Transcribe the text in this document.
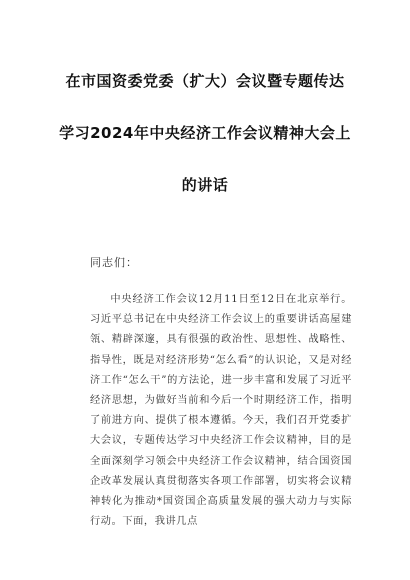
在市国资委党委（扩大）会议暨专题传达
学习2024年中央经济工作会议精神大会上
的讲话
同志们：

中央经济工作会议12月11日至12日在北京举行。习近平总书记在中央经济工作会议上的重要讲话高屋建瓴、精辟深邃，具有很强的政治性、思想性、战略性、指导性，既是对经济形势“怎么看”的认识论，又是对经济工作“怎么干”的方法论，进一步丰富和发展了习近平经济思想，为做好当前和今后一个时期经济工作，指明了前进方向、提供了根本遵循。今天，我们召开党委扩大会议，专题传达学习中央经济工作会议精神，目的是全面深刻学习领会中央经济工作会议精神，结合国资国企改革发展认真贯彻落实各项工作部署，切实将会议精神转化为推动*国资国企高质量发展的强大动力与实际行动。下面，我讲几点
